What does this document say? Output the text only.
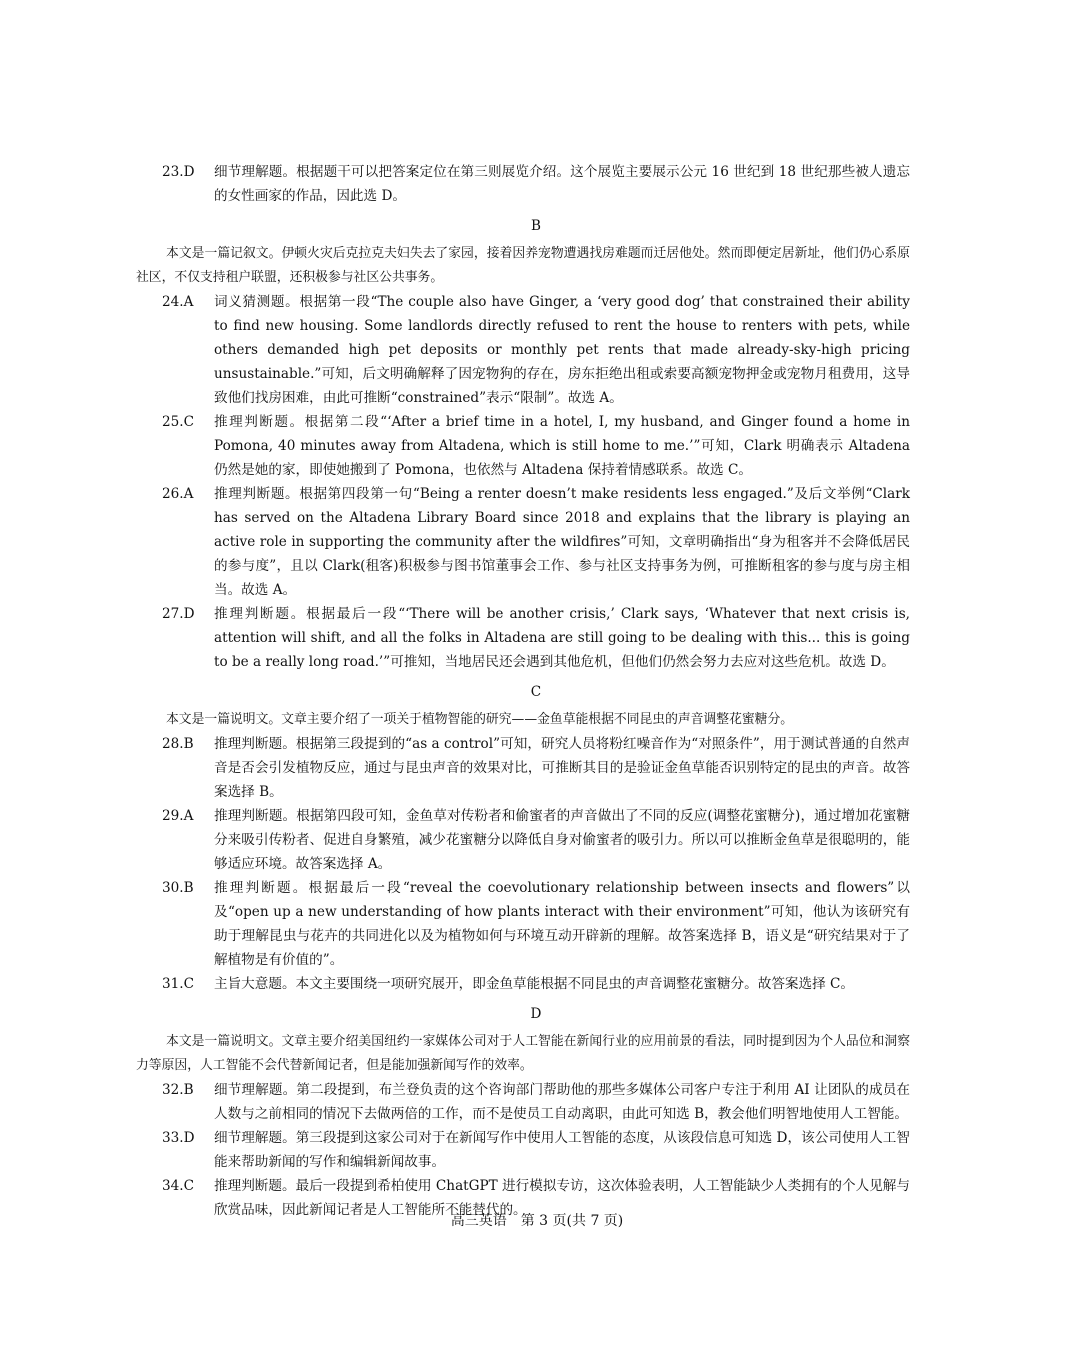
23.D	细节理解题。根据题干可以把答案定位在第三则展览介绍。这个展览主要展示公元 16 世纪到 18 世纪那些被人遗忘的女性画家的作品，因此选 D。
B
本文是一篇记叙文。伊顿火灾后克拉克夫妇失去了家园，接着因养宠物遭遇找房难题而迁居他处。然而即便定居新址，他们仍心系原社区，不仅支持租户联盟，还积极参与社区公共事务。
24.A	词义猜测题。根据第一段“The couple also have Ginger, a ‘very good dog’ that constrained their ability to find new housing. Some landlords directly refused to rent the house to renters with pets, while others demanded high pet deposits or monthly pet rents that made already-sky-high pricing unsustainable.”可知，后文明确解释了因宠物狗的存在，房东拒绝出租或索要高额宠物押金或宠物月租费用，这导致他们找房困难，由此可推断“constrained”表示“限制”。故选 A。
25.C	推理判断题。根据第二段“‘After a brief time in a hotel, I, my husband, and Ginger found a home in Pomona, 40 minutes away from Altadena, which is still home to me.’”可知，Clark 明确表示 Altadena 仍然是她的家，即使她搬到了 Pomona，也依然与 Altadena 保持着情感联系。故选 C。
26.A	推理判断题。根据第四段第一句“Being a renter doesn’t make residents less engaged.”及后文举例“Clark has served on the Altadena Library Board since 2018 and explains that the library is playing an active role in supporting the community after the wildfires”可知，文章明确指出“身为租客并不会降低居民的参与度”，且以 Clark(租客)积极参与图书馆董事会工作、参与社区支持事务为例，可推断租客的参与度与房主相当。故选 A。
27.D	推理判断题。根据最后一段“‘There will be another crisis,’ Clark says, ‘Whatever that next crisis is, attention will shift, and all the folks in Altadena are still going to be dealing with this... this is going to be a really long road.’”可推知，当地居民还会遇到其他危机，但他们仍然会努力去应对这些危机。故选 D。
C
本文是一篇说明文。文章主要介绍了一项关于植物智能的研究——金鱼草能根据不同昆虫的声音调整花蜜糖分。
28.B	推理判断题。根据第三段提到的“as a control”可知，研究人员将粉红噪音作为“对照条件”，用于测试普通的自然声音是否会引发植物反应，通过与昆虫声音的效果对比，可推断其目的是验证金鱼草能否识别特定的昆虫的声音。故答案选择 B。
29.A	推理判断题。根据第四段可知，金鱼草对传粉者和偷蜜者的声音做出了不同的反应(调整花蜜糖分)，通过增加花蜜糖分来吸引传粉者、促进自身繁殖，减少花蜜糖分以降低自身对偷蜜者的吸引力。所以可以推断金鱼草是很聪明的，能够适应环境。故答案选择 A。
30.B	推理判断题。根据最后一段“reveal the coevolutionary relationship between insects and flowers”以及“open up a new understanding of how plants interact with their environment”可知，他认为该研究有助于理解昆虫与花卉的共同进化以及为植物如何与环境互动开辟新的理解。故答案选择 B，语义是“研究结果对于了解植物是有价值的”。
31.C	主旨大意题。本文主要围绕一项研究展开，即金鱼草能根据不同昆虫的声音调整花蜜糖分。故答案选择 C。
D
本文是一篇说明文。文章主要介绍美国纽约一家媒体公司对于人工智能在新闻行业的应用前景的看法，同时提到因为个人品位和洞察力等原因，人工智能不会代替新闻记者，但是能加强新闻写作的效率。
32.B	细节理解题。第二段提到，布兰登负责的这个咨询部门帮助他的那些多媒体公司客户专注于利用 AI 让团队的成员在人数与之前相同的情况下去做两倍的工作，而不是使员工自动离职，由此可知选 B，教会他们明智地使用人工智能。
33.D	细节理解题。第三段提到这家公司对于在新闻写作中使用人工智能的态度，从该段信息可知选 D，该公司使用人工智能来帮助新闻的写作和编辑新闻故事。
34.C	推理判断题。最后一段提到希柏使用 ChatGPT 进行模拟专访，这次体验表明，人工智能缺少人类拥有的个人见解与欣赏品味，因此新闻记者是人工智能所不能替代的。
高三英语　第 3 页(共 7 页)
